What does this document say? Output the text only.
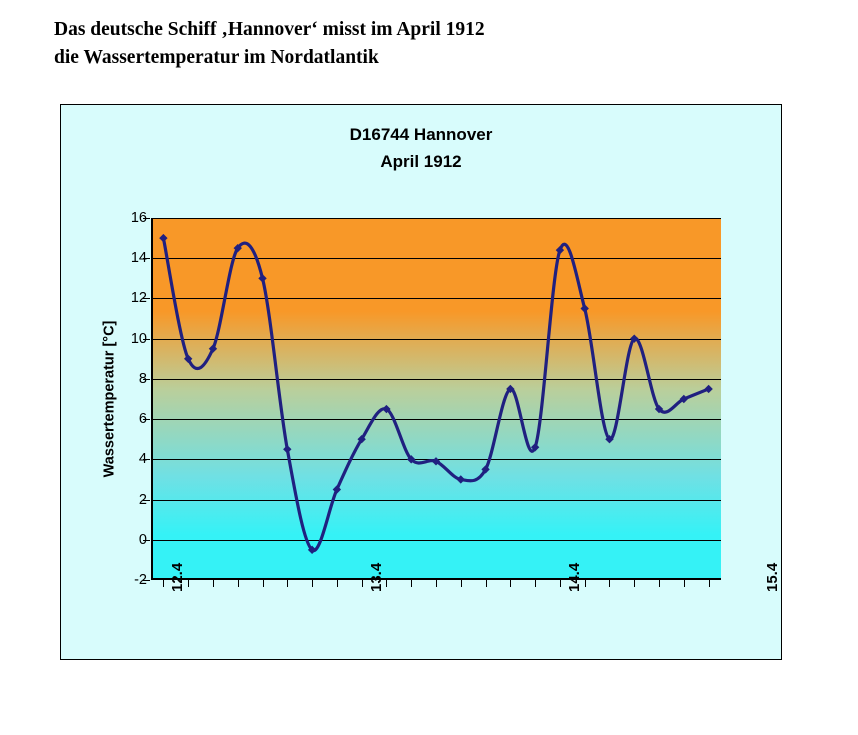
Das deutsche Schiff ‚Hannover‘ misst im April 1912
die Wassertemperatur im Nordatlantik
D16744 Hannover
April 1912
Wassertemperatur [°C]
-2
0
2
4
6
8
10
12
14
16
12.4	13.4	14.4	15.4
